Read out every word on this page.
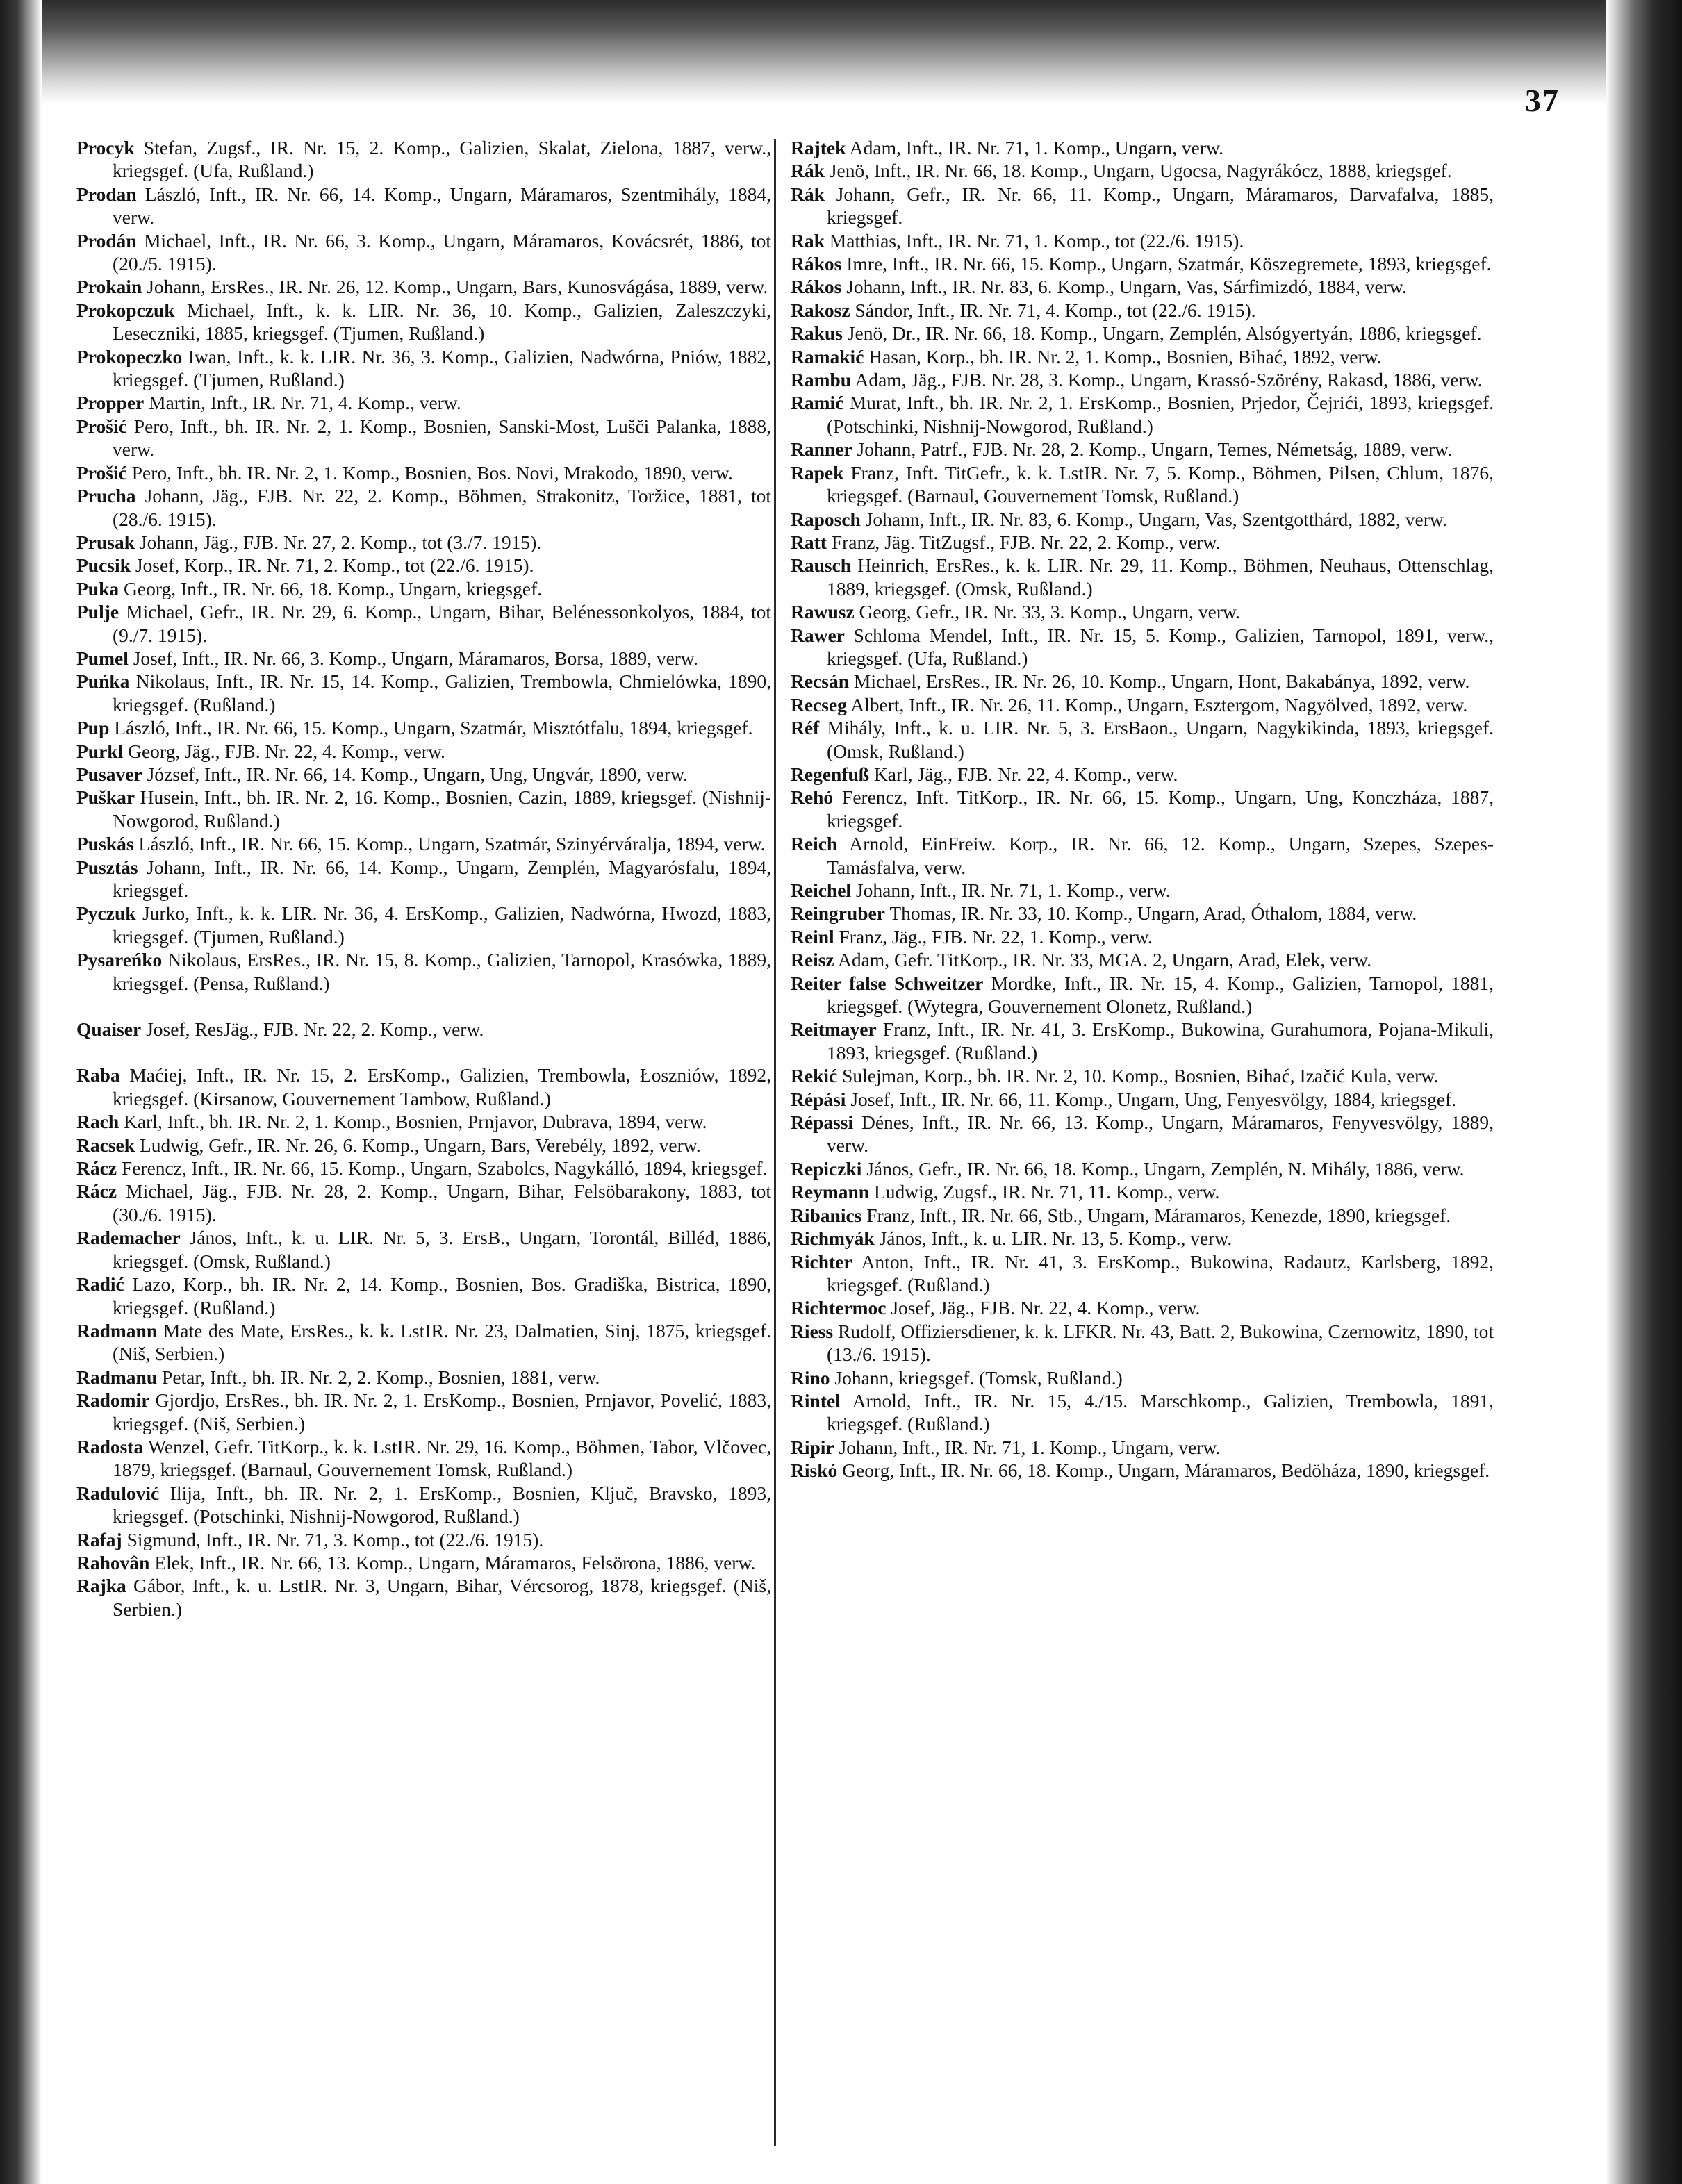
37

Procyk Stefan, Zugsf., IR. Nr. 15, 2. Komp., Galizien, Skalat, Zielona, 1887, verw., kriegsgef. (Ufa, Rußland.)

Prodan László, Inft., IR. Nr. 66, 14. Komp., Ungarn, Máramaros, Szentmihály, 1884, verw.

Prodán Michael, Inft., IR. Nr. 66, 3. Komp., Ungarn, Máramaros, Kovácsrét, 1886, tot (20./5. 1915).

Prokain Johann, ErsRes., IR. Nr. 26, 12. Komp., Ungarn, Bars, Kunosvágása, 1889, verw.

Prokopczuk Michael, Inft., k. k. LIR. Nr. 36, 10. Komp., Galizien, Zaleszczyki, Leseczniki, 1885, kriegsgef. (Tjumen, Rußland.)

Prokopeczko Iwan, Inft., k. k. LIR. Nr. 36, 3. Komp., Galizien, Nadwórna, Pniów, 1882, kriegsgef. (Tjumen, Rußland.)

Propper Martin, Inft., IR. Nr. 71, 4. Komp., verw.

Prošić Pero, Inft., bh. IR. Nr. 2, 1. Komp., Bosnien, Sanski-Most, Lušči Palanka, 1888, verw.

Prošić Pero, Inft., bh. IR. Nr. 2, 1. Komp., Bosnien, Bos. Novi, Mrakodo, 1890, verw.

Prucha Johann, Jäg., FJB. Nr. 22, 2. Komp., Böhmen, Strakonitz, Toržice, 1881, tot (28./6. 1915).

Prusak Johann, Jäg., FJB. Nr. 27, 2. Komp., tot (3./7. 1915).

Pucsik Josef, Korp., IR. Nr. 71, 2. Komp., tot (22./6. 1915).

Puka Georg, Inft., IR. Nr. 66, 18. Komp., Ungarn, kriegsgef.

Pulje Michael, Gefr., IR. Nr. 29, 6. Komp., Ungarn, Bihar, Belénessonkolyos, 1884, tot (9./7. 1915).

Pumel Josef, Inft., IR. Nr. 66, 3. Komp., Ungarn, Máramaros, Borsa, 1889, verw.

Puńka Nikolaus, Inft., IR. Nr. 15, 14. Komp., Galizien, Trembowla, Chmielówka, 1890, kriegsgef. (Rußland.)

Pup László, Inft., IR. Nr. 66, 15. Komp., Ungarn, Szatmár, Misztótfalu, 1894, kriegsgef.

Purkl Georg, Jäg., FJB. Nr. 22, 4. Komp., verw.

Pusaver József, Inft., IR. Nr. 66, 14. Komp., Ungarn, Ung, Ungvár, 1890, verw.

Puškar Husein, Inft., bh. IR. Nr. 2, 16. Komp., Bosnien, Cazin, 1889, kriegsgef. (Nishnij-Nowgorod, Rußland.)

Puskás László, Inft., IR. Nr. 66, 15. Komp., Ungarn, Szatmár, Szinyérváralja, 1894, verw.

Pusztás Johann, Inft., IR. Nr. 66, 14. Komp., Ungarn, Zemplén, Magyarósfalu, 1894, kriegsgef.

Pyczuk Jurko, Inft., k. k. LIR. Nr. 36, 4. ErsKomp., Galizien, Nadwórna, Hwozd, 1883, kriegsgef. (Tjumen, Rußland.)

Pysareńko Nikolaus, ErsRes., IR. Nr. 15, 8. Komp., Galizien, Tarnopol, Krasówka, 1889, kriegsgef. (Pensa, Rußland.)

Quaiser Josef, ResJäg., FJB. Nr. 22, 2. Komp., verw.

Raba Maćiej, Inft., IR. Nr. 15, 2. ErsKomp., Galizien, Trembowla, Łoszniów, 1892, kriegsgef. (Kirsanow, Gouvernement Tambow, Rußland.)

Rach Karl, Inft., bh. IR. Nr. 2, 1. Komp., Bosnien, Prnjavor, Dubrava, 1894, verw.

Racsek Ludwig, Gefr., IR. Nr. 26, 6. Komp., Ungarn, Bars, Verebély, 1892, verw.

Rácz Ferencz, Inft., IR. Nr. 66, 15. Komp., Ungarn, Szabolcs, Nagykálló, 1894, kriegsgef.

Rácz Michael, Jäg., FJB. Nr. 28, 2. Komp., Ungarn, Bihar, Felsöbarakony, 1883, tot (30./6. 1915).

Rademacher János, Inft., k. u. LIR. Nr. 5, 3. ErsB., Ungarn, Torontál, Billéd, 1886, kriegsgef. (Omsk, Rußland.)

Radić Lazo, Korp., bh. IR. Nr. 2, 14. Komp., Bosnien, Bos. Gradiška, Bistrica, 1890, kriegsgef. (Rußland.)

Radmann Mate des Mate, ErsRes., k. k. LstIR. Nr. 23, Dalmatien, Sinj, 1875, kriegsgef. (Niš, Serbien.)

Radmanu Petar, Inft., bh. IR. Nr. 2, 2. Komp., Bosnien, 1881, verw.

Radomir Gjordjo, ErsRes., bh. IR. Nr. 2, 1. ErsKomp., Bosnien, Prnjavor, Povelić, 1883, kriegsgef. (Niš, Serbien.)

Radosta Wenzel, Gefr. TitKorp., k. k. LstIR. Nr. 29, 16. Komp., Böhmen, Tabor, Vlčovec, 1879, kriegsgef. (Barnaul, Gouvernement Tomsk, Rußland.)

Radulović Ilija, Inft., bh. IR. Nr. 2, 1. ErsKomp., Bosnien, Ključ, Bravsko, 1893, kriegsgef. (Potschinki, Nishnij-Nowgorod, Rußland.)

Rafaj Sigmund, Inft., IR. Nr. 71, 3. Komp., tot (22./6. 1915).

Rahovân Elek, Inft., IR. Nr. 66, 13. Komp., Ungarn, Máramaros, Felsörona, 1886, verw.

Rajka Gábor, Inft., k. u. LstIR. Nr. 3, Ungarn, Bihar, Vércsorog, 1878, kriegsgef. (Niš, Serbien.)

Rajtek Adam, Inft., IR. Nr. 71, 1. Komp., Ungarn, verw.

Rák Jenö, Inft., IR. Nr. 66, 18. Komp., Ungarn, Ugocsa, Nagyrákócz, 1888, kriegsgef.

Rák Johann, Gefr., IR. Nr. 66, 11. Komp., Ungarn, Máramaros, Darvafalva, 1885, kriegsgef.

Rak Matthias, Inft., IR. Nr. 71, 1. Komp., tot (22./6. 1915).

Rákos Imre, Inft., IR. Nr. 66, 15. Komp., Ungarn, Szatmár, Köszegremete, 1893, kriegsgef.

Rákos Johann, Inft., IR. Nr. 83, 6. Komp., Ungarn, Vas, Sárfimizdó, 1884, verw.

Rakosz Sándor, Inft., IR. Nr. 71, 4. Komp., tot (22./6. 1915).

Rakus Jenö, Dr., IR. Nr. 66, 18. Komp., Ungarn, Zemplén, Alsógyertyán, 1886, kriegsgef.

Ramakić Hasan, Korp., bh. IR. Nr. 2, 1. Komp., Bosnien, Bihać, 1892, verw.

Rambu Adam, Jäg., FJB. Nr. 28, 3. Komp., Ungarn, Krassó-Szörény, Rakasd, 1886, verw.

Ramić Murat, Inft., bh. IR. Nr. 2, 1. ErsKomp., Bosnien, Prjedor, Čejrići, 1893, kriegsgef. (Potschinki, Nishnij-Nowgorod, Rußland.)

Ranner Johann, Patrf., FJB. Nr. 28, 2. Komp., Ungarn, Temes, Németság, 1889, verw.

Rapek Franz, Inft. TitGefr., k. k. LstIR. Nr. 7, 5. Komp., Böhmen, Pilsen, Chlum, 1876, kriegsgef. (Barnaul, Gouvernement Tomsk, Rußland.)

Raposch Johann, Inft., IR. Nr. 83, 6. Komp., Ungarn, Vas, Szentgotthárd, 1882, verw.

Ratt Franz, Jäg. TitZugsf., FJB. Nr. 22, 2. Komp., verw.

Rausch Heinrich, ErsRes., k. k. LIR. Nr. 29, 11. Komp., Böhmen, Neuhaus, Ottenschlag, 1889, kriegsgef. (Omsk, Rußland.)

Rawusz Georg, Gefr., IR. Nr. 33, 3. Komp., Ungarn, verw.

Rawer Schloma Mendel, Inft., IR. Nr. 15, 5. Komp., Galizien, Tarnopol, 1891, verw., kriegsgef. (Ufa, Rußland.)

Recsán Michael, ErsRes., IR. Nr. 26, 10. Komp., Ungarn, Hont, Bakabánya, 1892, verw.

Recseg Albert, Inft., IR. Nr. 26, 11. Komp., Ungarn, Esztergom, Nagyölved, 1892, verw.

Réf Mihály, Inft., k. u. LIR. Nr. 5, 3. ErsBaon., Ungarn, Nagykikinda, 1893, kriegsgef. (Omsk, Rußland.)

Regenfuß Karl, Jäg., FJB. Nr. 22, 4. Komp., verw.

Rehó Ferencz, Inft. TitKorp., IR. Nr. 66, 15. Komp., Ungarn, Ung, Konczháza, 1887, kriegsgef.

Reich Arnold, EinFreiw. Korp., IR. Nr. 66, 12. Komp., Ungarn, Szepes, Szepes-Tamásfalva, verw.

Reichel Johann, Inft., IR. Nr. 71, 1. Komp., verw.

Reingruber Thomas, IR. Nr. 33, 10. Komp., Ungarn, Arad, Óthalom, 1884, verw.

Reinl Franz, Jäg., FJB. Nr. 22, 1. Komp., verw.

Reisz Adam, Gefr. TitKorp., IR. Nr. 33, MGA. 2, Ungarn, Arad, Elek, verw.

Reiter false Schweitzer Mordke, Inft., IR. Nr. 15, 4. Komp., Galizien, Tarnopol, 1881, kriegsgef. (Wytegra, Gouvernement Olonetz, Rußland.)

Reitmayer Franz, Inft., IR. Nr. 41, 3. ErsKomp., Bukowina, Gurahumora, Pojana-Mikuli, 1893, kriegsgef. (Rußland.)

Rekić Sulejman, Korp., bh. IR. Nr. 2, 10. Komp., Bosnien, Bihać, Izačić Kula, verw.

Répási Josef, Inft., IR. Nr. 66, 11. Komp., Ungarn, Ung, Fenyesvölgy, 1884, kriegsgef.

Répassi Dénes, Inft., IR. Nr. 66, 13. Komp., Ungarn, Máramaros, Fenyvesvölgy, 1889, verw.

Repiczki János, Gefr., IR. Nr. 66, 18. Komp., Ungarn, Zemplén, N. Mihály, 1886, verw.

Reymann Ludwig, Zugsf., IR. Nr. 71, 11. Komp., verw.

Ribanics Franz, Inft., IR. Nr. 66, Stb., Ungarn, Máramaros, Kenezde, 1890, kriegsgef.

Richmyák János, Inft., k. u. LIR. Nr. 13, 5. Komp., verw.

Richter Anton, Inft., IR. Nr. 41, 3. ErsKomp., Bukowina, Radautz, Karlsberg, 1892, kriegsgef. (Rußland.)

Richtermoc Josef, Jäg., FJB. Nr. 22, 4. Komp., verw.

Riess Rudolf, Offiziersdiener, k. k. LFKR. Nr. 43, Batt. 2, Bukowina, Czernowitz, 1890, tot (13./6. 1915).

Rino Johann, kriegsgef. (Tomsk, Rußland.)

Rintel Arnold, Inft., IR. Nr. 15, 4./15. Marschkomp., Galizien, Trembowla, 1891, kriegsgef. (Rußland.)

Ripir Johann, Inft., IR. Nr. 71, 1. Komp., Ungarn, verw.

Riskó Georg, Inft., IR. Nr. 66, 18. Komp., Ungarn, Máramaros, Bedöháza, 1890, kriegsgef.
